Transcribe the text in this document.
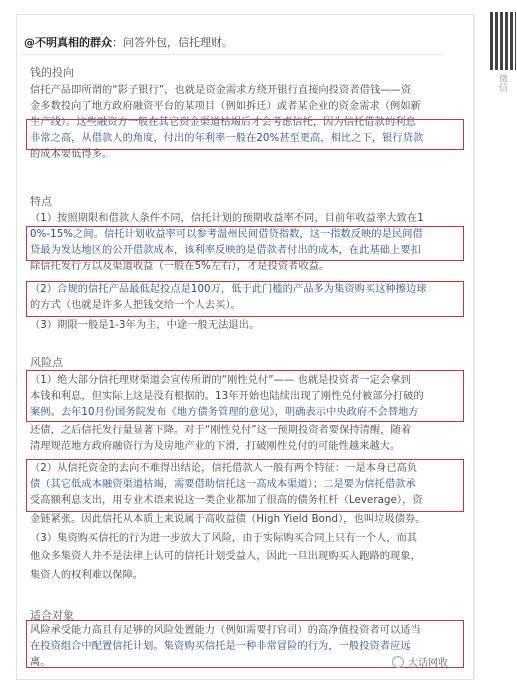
@不明真相的群众：问答外包，信托理财。
钱的投向
信托产品即所谓的“影子银行”，也就是资金需求方绕开银行直接向投资者借钱——资
金多数投向了地方政府融资平台的某项目（例如拆迁）或者某企业的资金需求（例如新
生产线）。这些融资方一般在其它资金渠道枯竭后才会考虑信托，因为信托借款的利息
非常之高，从借款人的角度，付出的年利率一般在20%甚至更高，相比之下，银行贷款
的成本要低得多。
特点
（1）按照期限和借款人条件不同，信托计划的预期收益率不同，目前年收益率大致在1
0%-15%之间。信托计划收益率可以参考温州民间借贷指数，这一指数反映的是民间借
贷最为发达地区的公开借款成本，该利率反映的是借款者付出的成本，在此基础上要扣
除信托发行方以及渠道收益（一般在5%左右），才是投资者收益。
（2）合规的信托产品最低起投点是100万，低于此门槛的产品多为集资购买这种擦边球
的方式（也就是许多人把钱交给一个人去买）。
（3）期限一般是1-3年为主，中途一般无法退出。
风险点
（1）绝大部分信托理财渠道会宣传所谓的“刚性兑付”—— 也就是投资者一定会拿到
本钱和利息，但实际上这是没有根据的。13年开始也陆续出现了刚性兑付被部分打破的
案例。去年10月份国务院发布《地方债务管理的意见》，明确表示中央政府不会替地方
还债，之后信托发行量显著下降。对于“刚性兑付”这一预期投资者要保持清醒，随着
清理规范地方政府融资行为及房地产业的下滑，打破刚性兑付的可能性越来越大。
（2）从信托资金的去向不难得出结论，信托借款人一般有两个特征：一是本身已高负
债（其它低成本融资渠道枯竭，需要借助信托这一高成本渠道）；二是要为信托借款承
受高额利息支出，用专业术语来说这一类企业都加了很高的债务杠杆（Leverage），资
金链紧张。因此信托从本质上来说属于高收益债（High Yield Bond），也叫垃圾债券。
（3）集资购买信托的行为进一步放大了风险，由于实际购买合同上只有一个人，而其
他众多集资人并不是法律上认可的信托计划受益人，因此一旦出现购买人跑路的现象，
集资人的权利难以保障。
适合对象
风险承受能力高且有足够的风险处置能力（例如需要打官司）的高净值投资者可以适当
在投资组合中配置信托计划。集资购买信托是一种非常冒险的行为，一般投资者应远
离。
微信
大话网收
